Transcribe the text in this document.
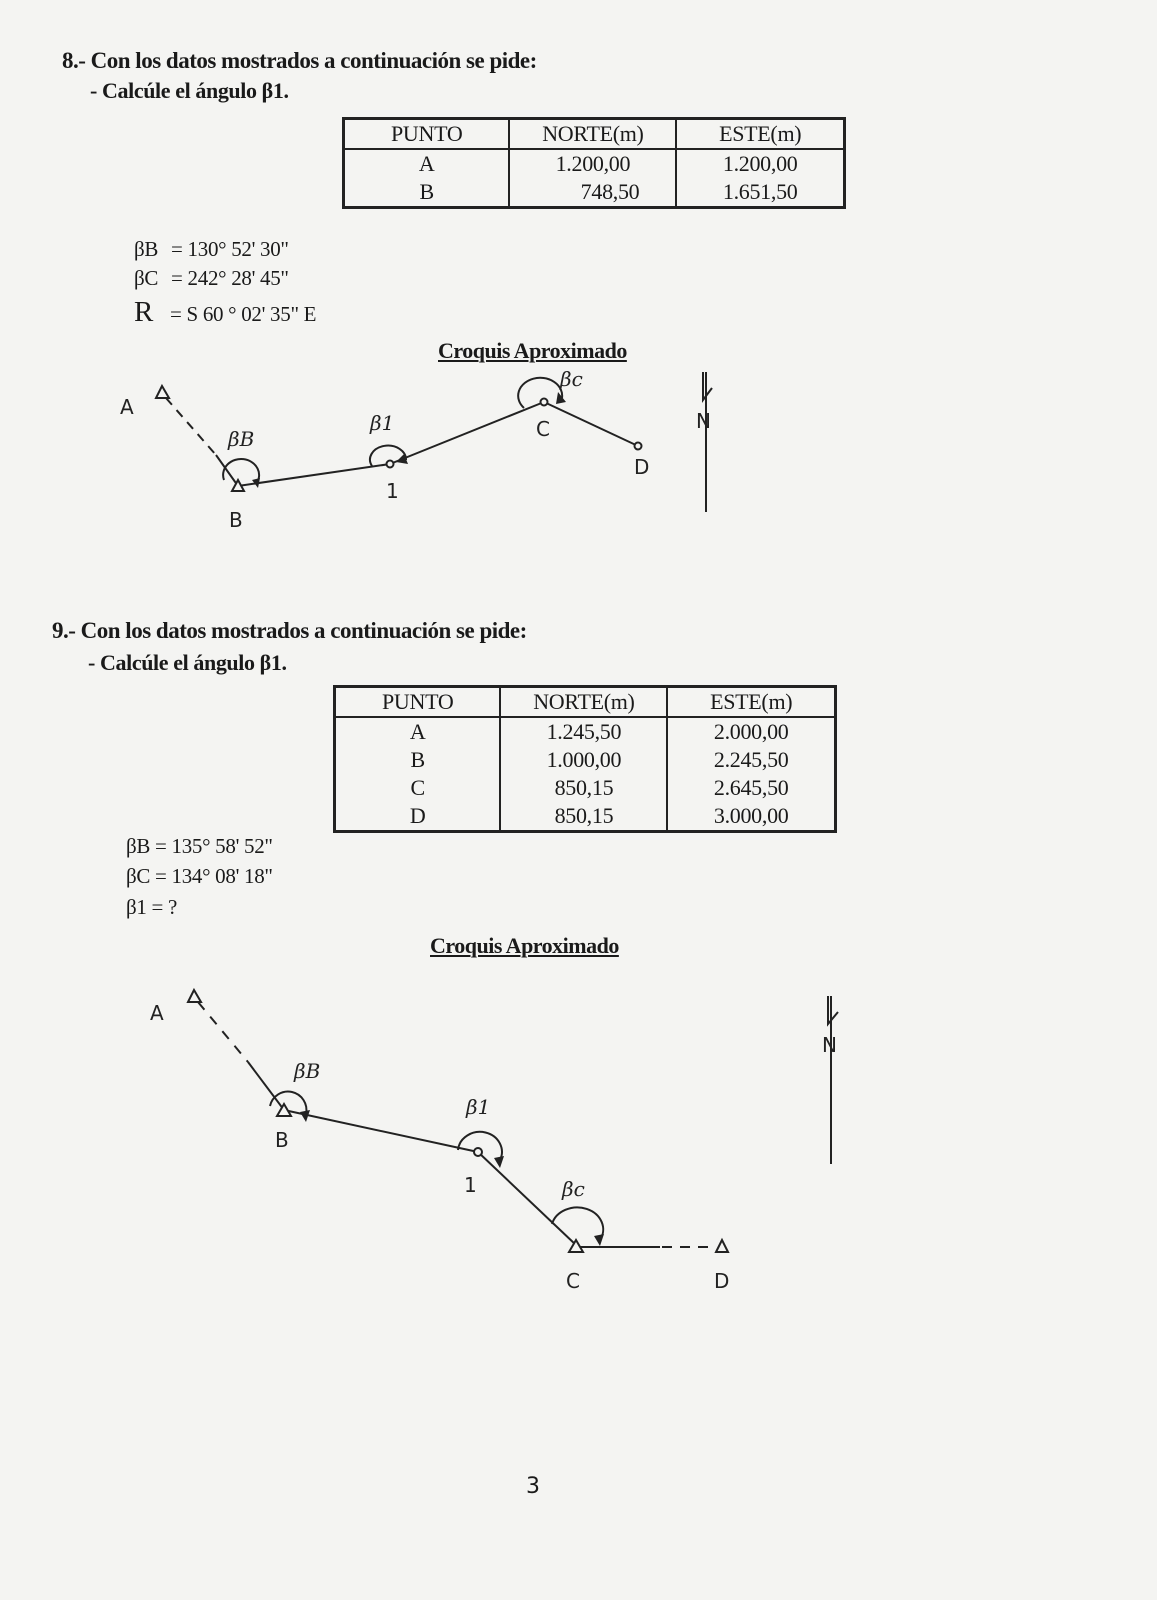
8.- Con los datos mostrados a continuación se pide:
- Calcúle el ángulo β1.
PUNTO	NORTE(m)	ESTE(m)
A	1.200,00	1.200,00
B	748,50	1.651,50
βB = 130° 52' 30"
βC = 242° 28' 45"
R = S 60 ° 02' 35" E
Croquis Aproximado
A
B
1
C
D
βB
β1
βc
N
9.- Con los datos mostrados a continuación se pide:
- Calcúle el ángulo β1.
PUNTO	NORTE(m)	ESTE(m)
A	1.245,50	2.000,00
B	1.000,00	2.245,50
C	850,15	2.645,50
D	850,15	3.000,00
βB = 135° 58' 52"
βC = 134° 08' 18"
β1 = ?
Croquis Aproximado
A
B
1
C	D
βB
β1
βc
N
3
